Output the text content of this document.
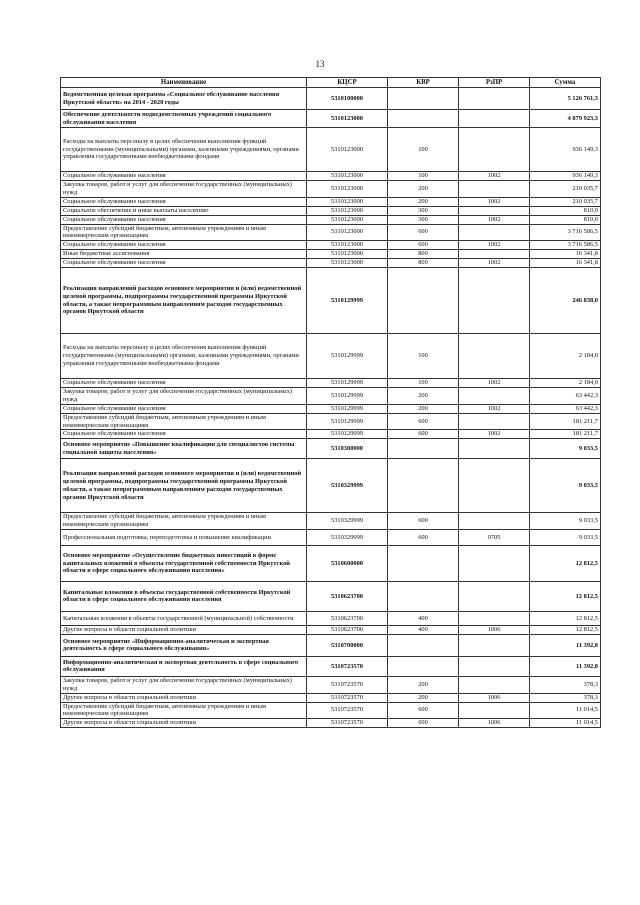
13
Наименование	КЦСР	КВР	РзПР	Сумма
Ведомственная целевая программа «Социальное обслуживание населения Иркутской области» на 2014 - 2020 годы	5310100000			5 126 761,3
Обеспечение деятельности подведомственных учреждений социального обслуживания населения	5310123000			4 879 923,3
Расходы на выплаты персоналу в целях обеспечения выполнения функций государственными (муниципальными) органами, казенными учреждениями, органами управления государственными внебюджетными фондами	5310123000	100		936 149,3
Социальное обслуживание населения	5310123000	100	1002	936 149,3
Закупка товаров, работ и услуг для обеспечения государственных (муниципальных) нужд	5310123000	200		210 035,7
Социальное обслуживание населения	5310123000	200	1002	210 035,7
Социальное обеспечение и иные выплаты населению	5310123000	300		810,0
Социальное обслуживание населения	5310123000	300	1002	810,0
Предоставление субсидий бюджетным, автономным учреждениям и иным некоммерческим организациям	5310123000	600		3 716 586,5
Социальное обслуживание населения	5310123000	600	1002	3 716 586,5
Иные бюджетные ассигнования	5310123000	800		16 341,8
Социальное обслуживание населения	5310123000	800	1002	16 341,8
Реализация направлений расходов основного мероприятия и (или) ведомственной целевой программы, подпрограммы государственной программы Иркутской области, а также непрограммным направлениям расходов государственных органов Иркутской области	5310129999			246 838,0
Расходы на выплаты персоналу в целях обеспечения выполнения функций государственными (муниципальными) органами, казенными учреждениями, органами управления государственными внебюджетными фондами	5310129999	100		2 184,0
Социальное обслуживание населения	5310129999	100	1002	2 184,0
Закупка товаров, работ и услуг для обеспечения государственных (муниципальных) нужд	5310129999	200		63 442,3
Социальное обслуживание населения	5310129999	200	1002	63 442,3
Предоставление субсидий бюджетным, автономным учреждениям и иным некоммерческим организациям	5310129999	600		181 211,7
Социальное обслуживание населения	5310129999	600	1002	181 211,7
Основное мероприятие «Повышение квалификации для специалистов системы социальной защиты населения»	5310300000			9 033,5
Реализация направлений расходов основного мероприятия и (или) ведомственной целевой программы, подпрограммы государственной программы Иркутской области, а также непрограммным направлениям расходов государственных органов Иркутской области	5310329999			9 033,5
Предоставление субсидий бюджетным, автономным учреждениям и иным некоммерческим организациям	5310329999	600		9 033,5
Профессиональная подготовка, переподготовка и повышение квалификации	5310329999	600	0705	9 033,5
Основное мероприятие «Осуществление бюджетных инвестиций в форме капитальных вложений в объекты государственной собственности Иркутской области в сфере социального обслуживания населения»	5310600000			12 812,5
Капитальные вложения в объекты государственной собственности Иркутской области в сфере социального обслуживания населения	5310623700			12 812,5
Капитальные вложения в объекты государственной (муниципальной) собственности	5310623700	400		12 812,5
Другие вопросы в области социальной политики	5310623700	400	1006	12 812,5
Основное мероприятие «Информационно-аналитическая и экспертная деятельность в сфере социального обслуживания»	5310700000			11 392,8
Информационно-аналитическая и экспертная деятельность в сфере социального обслуживания	5310723570			11 392,8
Закупка товаров, работ и услуг для обеспечения государственных (муниципальных) нужд	5310723570	200		378,3
Другие вопросы в области социальной политики	5310723570	200	1006	378,3
Предоставление субсидий бюджетным, автономным учреждениям и иным некоммерческим организациям	5310723570	600		11 014,5
Другие вопросы в области социальной политики	5310723570	600	1006	11 014,5
